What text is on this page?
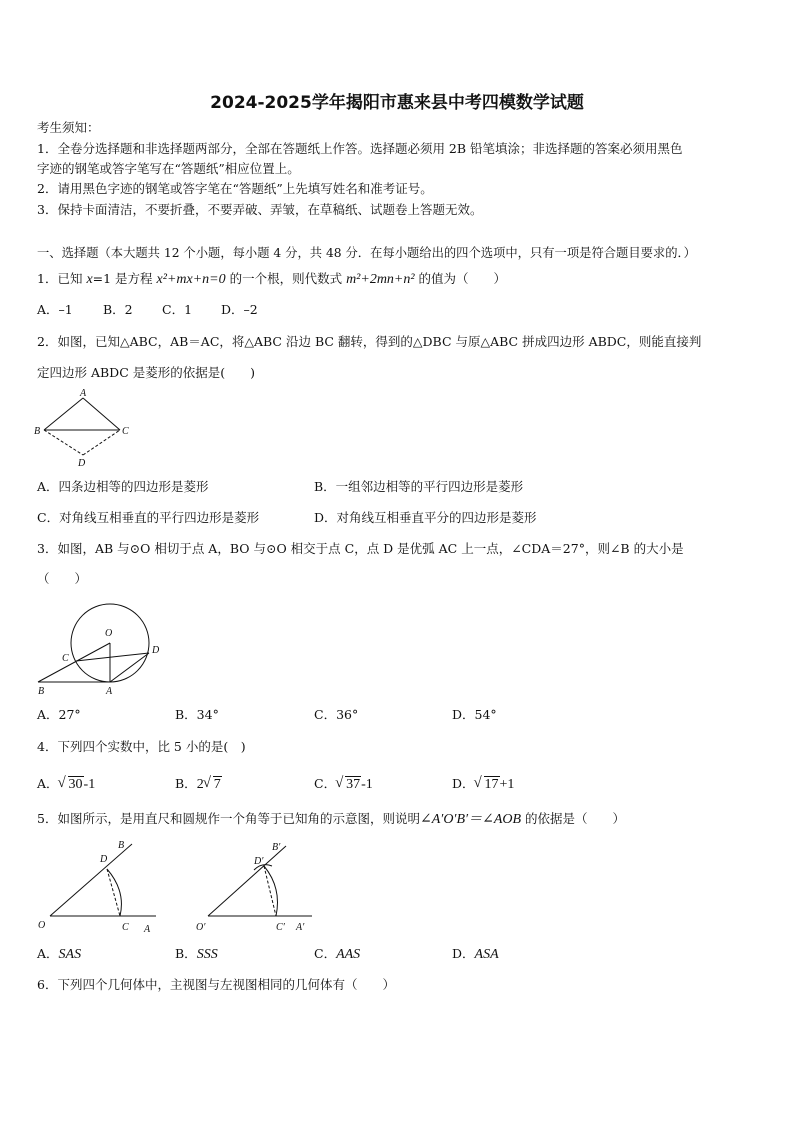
2024-2025学年揭阳市惠来县中考四模数学试题
考生须知：
1．全卷分选择题和非选择题两部分，全部在答题纸上作答。选择题必须用 2B 铅笔填涂；非选择题的答案必须用黑色
字迹的钢笔或答字笔写在“答题纸”相应位置上。
2．请用黑色字迹的钢笔或答字笔在“答题纸”上先填写姓名和准考证号。
3．保持卡面清洁，不要折叠，不要弄破、弄皱，在草稿纸、试题卷上答题无效。
一、选择题（本大题共 12 个小题，每小题 4 分，共 48 分．在每小题给出的四个选项中，只有一项是符合题目要求的．）
1．已知 x=1 是方程 x²+mx+n=0 的一个根，则代数式 m²+2mn+n² 的值为（　　）
A．–1 B．2 C．1 D．–2
2．如图，已知△ABC，AB＝AC，将△ABC 沿边 BC 翻转，得到的△DBC 与原△ABC 拼成四边形 ABDC，则能直接判
定四边形 ABDC 是菱形的依据是(　　)
A
B	C
D
A．四条边相等的四边形是菱形	B．一组邻边相等的平行四边形是菱形
C．对角线互相垂直的平行四边形是菱形	D．对角线互相垂直平分的四边形是菱形
3．如图，AB 与⊙O 相切于点 A，BO 与⊙O 相交于点 C，点 D 是优弧 AC 上一点，∠CDA＝27°，则∠B 的大小是
（　　）
O
C
D
B	A
A．27°	B．34°	C．36°	D．54°
4．下列四个实数中，比 5 小的是(　)
A． √ 30-1	B．2 √ 7	C． √ 37-1	D． √ 17+1
5．如图所示，是用直尺和圆规作一个角等于已知角的示意图，则说明∠A′O′B′＝∠AOB 的依据是（　　）
B
D
O	C A
B′
D′
O′	C′ A′
A．SAS	B．SSS	C．AAS	D．ASA
6．下列四个几何体中，主视图与左视图相同的几何体有（　　）
